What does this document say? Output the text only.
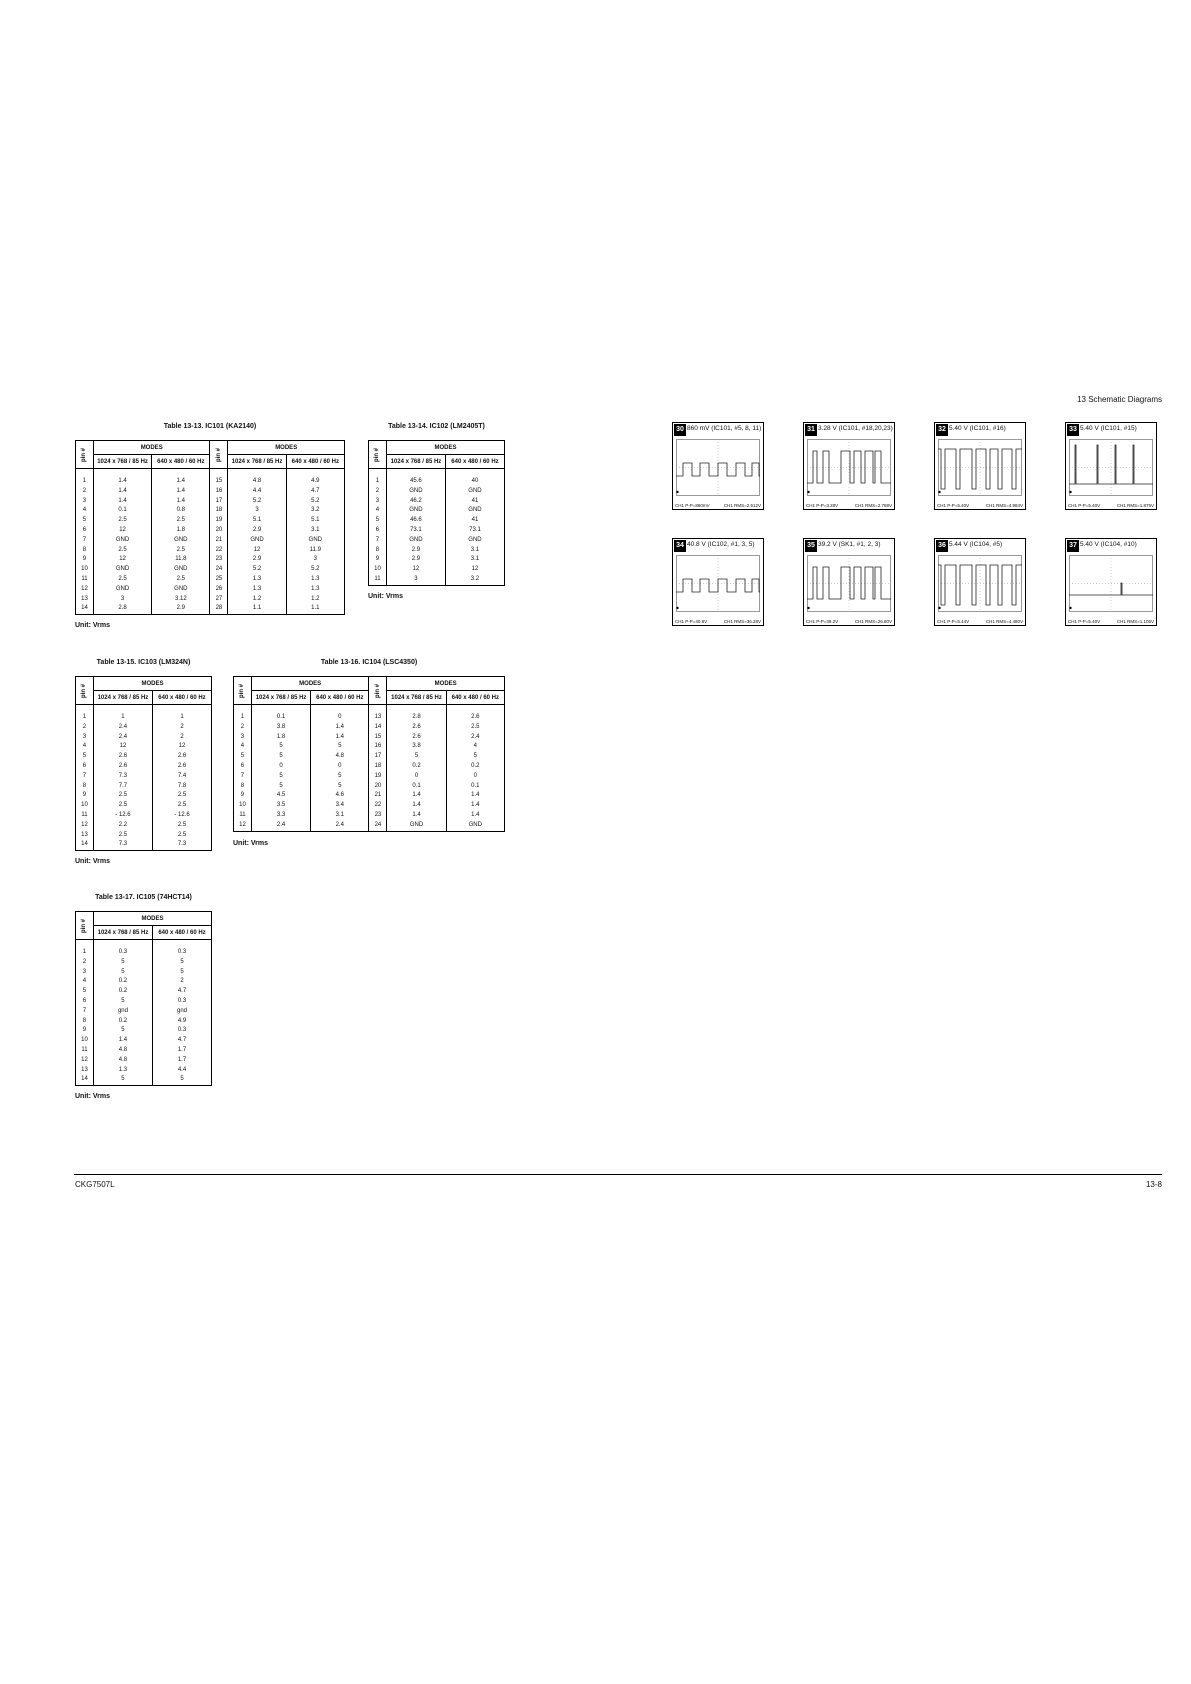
13 Schematic Diagrams
Table 13-13. IC101 (KA2140)
pin #	MODES		pin #	MODES	
	1024 x 768 / 85 Hz	640 x 480 / 60 Hz		1024 x 768 / 85 Hz	640 x 480 / 60 Hz

1	1.4	1.4	15	4.8	4.9
2	1.4	1.4	16	4.4	4.7
3	1.4	1.4	17	5.2	5.2
4	0.1	0.8	18	3	3.2
5	2.5	2.5	19	5.1	5.1
6	12	1.8	20	2.9	3.1
7	GND	GND	21	GND	GND
8	2.5	2.5	22	12	11.9
9	12	11.8	23	2.9	3
10	GND	GND	24	5.2	5.2
11	2.5	2.5	25	1.3	1.3
12	GND	GND	26	1.3	1.3
13	3	3.12	27	1.2	1.2
14	2.8	2.9	28	1.1	1.1
Unit: Vrms
Table 13-14. IC102 (LM2405T)
pin #	MODES	
	1024 x 768 / 85 Hz	640 x 480 / 60 Hz

1	45.6	40
2	GND	GND
3	46.2	41
4	GND	GND
5	46.6	41
6	73.1	73.1
7	GND	GND
8	2.9	3.1
9	2.9	3.1
10	12	12
11	3	3.2
Unit: Vrms
Table 13-15. IC103 (LM324N)
pin #	MODES	
	1024 x 768 / 85 Hz	640 x 480 / 60 Hz

1	1	1
2	2.4	2
3	2.4	2
4	12	12
5	2.6	2.6
6	2.6	2.6
7	7.3	7.4
8	7.7	7.8
9	2.5	2.5
10	2.5	2.5
11	- 12.6	- 12.6
12	2.2	2.5
13	2.5	2.5
14	7.3	7.3
Unit: Vrms
Table 13-16. IC104 (LSC4350)
pin #	MODES		pin #	MODES	
	1024 x 768 / 85 Hz	640 x 480 / 60 Hz		1024 x 768 / 85 Hz	640 x 480 / 60 Hz

1	0.1	0	13	2.8	2.6
2	3.8	1.4	14	2.6	2.5
3	1.8	1.4	15	2.6	2.4
4	5	5	16	3.8	4
5	5	4.8	17	5	5
6	0	0	18	0.2	0.2
7	5	5	19	0	0
8	5	5	20	0.1	0.1
9	4.5	4.6	21	1.4	1.4
10	3.5	3.4	22	1.4	1.4
11	3.3	3.1	23	1.4	1.4
12	2.4	2.4	24	GND	GND
Unit: Vrms
Table 13-17. IC105 (74HCT14)
pin #	MODES	
	1024 x 768 / 85 Hz	640 x 480 / 60 Hz

1	0.3	0.3
2	5	5
3	5	5
4	0.2	2
5	0.2	4.7
6	5	0.3
7	gnd	gnd
8	0.2	4.9
9	5	0.3
10	1.4	4.7
11	4.8	1.7
12	4.8	1.7
13	1.3	4.4
14	5	5
Unit: Vrms
30 860 mV (IC101, #5, 8, 11)
CH1 P-P=860mV	CH1 RMS=2.512V
31 3.28 V (IC101, #18,20,23)
CH1 P-P=3.28V	CH1 RMS=2.768V
32 5.40 V (IC101, #16)
CH1 P-P=5.40V	CH1 RMS=4.984V
33 5.40 V (IC101, #15)
CH1 P-P=5.40V	CH1 RMS=1.875V
34 40.8 V (IC102, #1, 3, 5)
CH1 P-P=40.8V	CH1 RMS=36.28V
35 39.2 V (SK1, #1, 2, 3)
CH1 P-P=39.2V	CH1 RMS=26.80V
36 5.44 V (IC104, #5)
CH1 P-P=5.44V	CH1 RMS=4.480V
37 5.40 V (IC104, #10)
CH1 P-P=5.40V	CH1 RMS=1.105V
CKG7507L	13-8
